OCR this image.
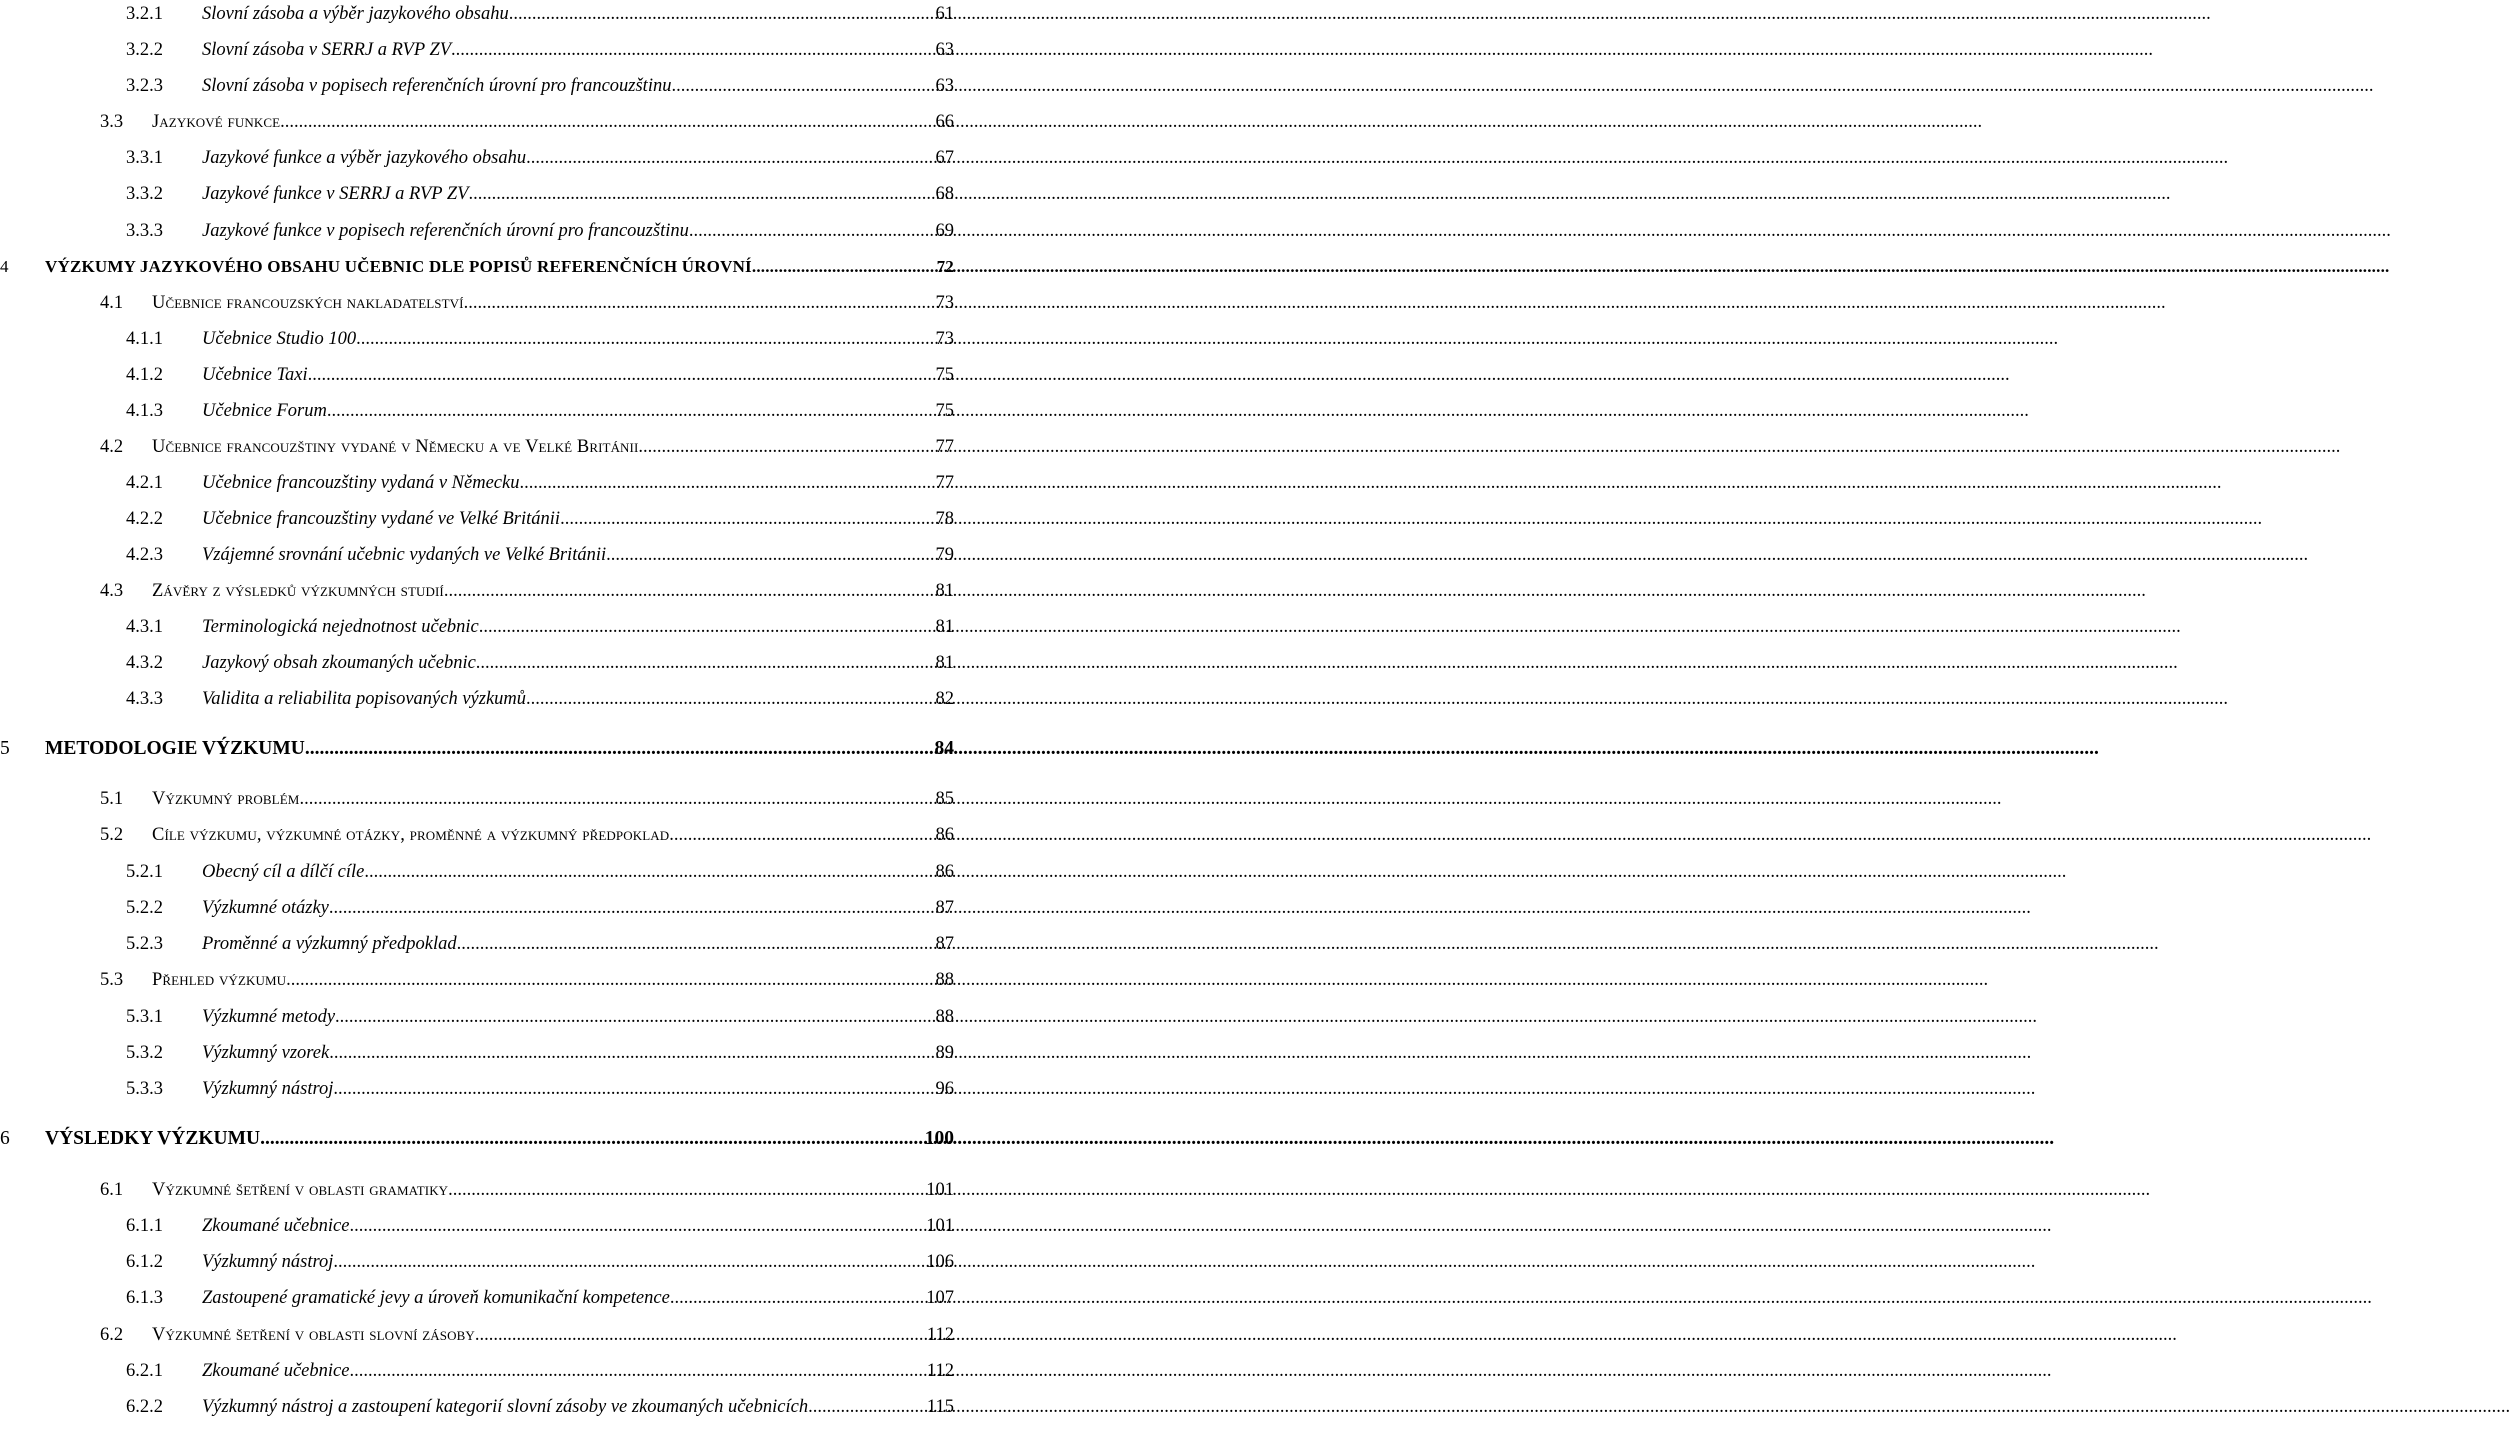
3.2.1	Slovní zásoba a výběr jazykového obsahu .....	61
3.2.2	Slovní zásoba v SERRJ a RVP ZV .....	63
3.2.3	Slovní zásoba v popisech referenčních úrovní pro francouzštinu .....	63
3.3	Jazykové funkce .....	66
3.3.1	Jazykové funkce a výběr jazykového obsahu .....	67
3.3.2	Jazykové funkce v SERRJ a RVP ZV .....	68
3.3.3	Jazykové funkce v popisech referenčních úrovní pro francouzštinu .....	69
4	VÝZKUMY JAZYKOVÉHO OBSAHU UČEBNIC DLE POPISŮ REFERENČNÍCH ÚROVNÍ .....	72
4.1	Učebnice francouzských nakladatelství .....	73
4.1.1	Učebnice Studio 100 .....	73
4.1.2	Učebnice Taxi .....	75
4.1.3	Učebnice Forum .....	75
4.2	Učebnice francouzštiny vydané v Německu a ve Velké Británii .....	77
4.2.1	Učebnice francouzštiny vydaná v Německu .....	77
4.2.2	Učebnice francouzštiny vydané ve Velké Británii .....	78
4.2.3	Vzájemné srovnání učebnic vydaných ve Velké Británii .....	79
4.3	Závěry z výsledků výzkumných studií .....	81
4.3.1	Terminologická nejednotnost učebnic .....	81
4.3.2	Jazykový obsah zkoumaných učebnic .....	81
4.3.3	Validita a reliabilita popisovaných výzkumů .....	82
5	METODOLOGIE VÝZKUMU .....	84
5.1	Výzkumný problém .....	85
5.2	Cíle výzkumu, výzkumné otázky, proměnné a výzkumný předpoklad .....	86
5.2.1	Obecný cíl a dílčí cíle .....	86
5.2.2	Výzkumné otázky .....	87
5.2.3	Proměnné a výzkumný předpoklad .....	87
5.3	Přehled výzkumu .....	88
5.3.1	Výzkumné metody .....	88
5.3.2	Výzkumný vzorek .....	89
5.3.3	Výzkumný nástroj .....	96
6	VÝSLEDKY VÝZKUMU .....	100
6.1	Výzkumné šetření v oblasti gramatiky .....	101
6.1.1	Zkoumané učebnice .....	101
6.1.2	Výzkumný nástroj .....	106
6.1.3	Zastoupené gramatické jevy a úroveň komunikační kompetence .....	107
6.2	Výzkumné šetření v oblasti slovní zásoby .....	112
6.2.1	Zkoumané učebnice .....	112
6.2.2	Výzkumný nástroj a zastoupení kategorií slovní zásoby ve zkoumaných učebnicích .....	115
